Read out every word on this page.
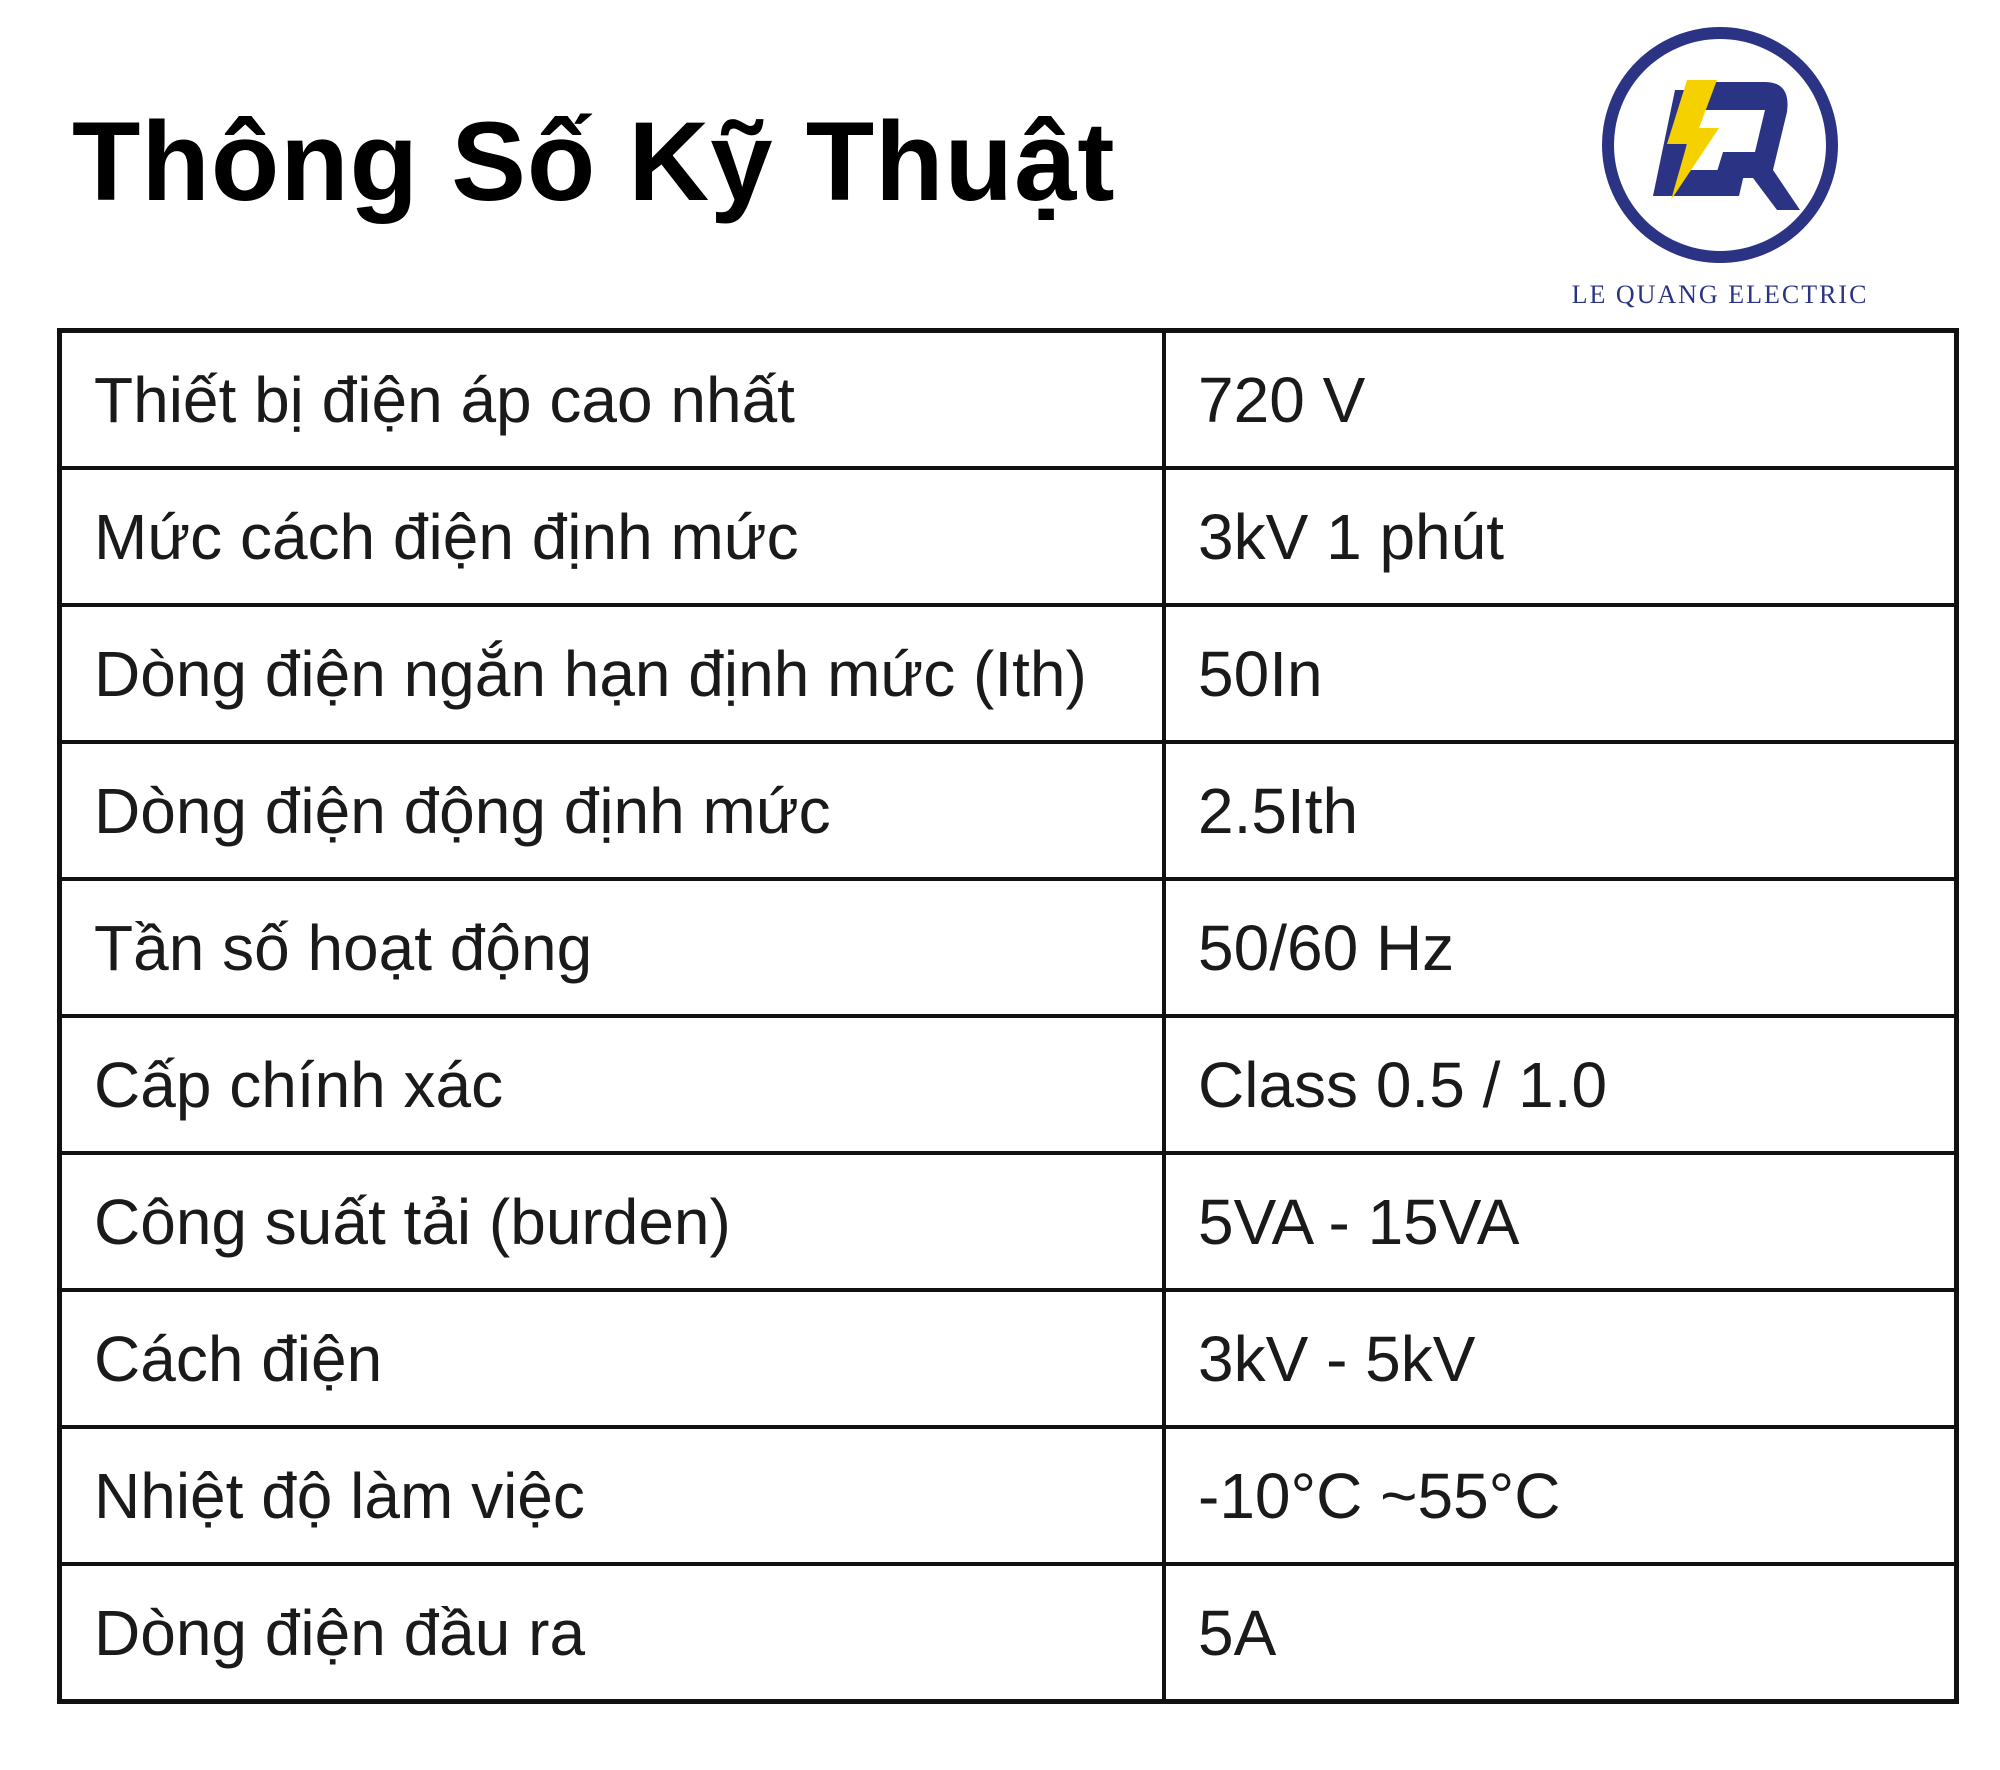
Thông Số Kỹ Thuật
LE QUANG ELECTRIC
Thiết bị điện áp cao nhất	720 V
Mức cách điện định mức	3kV 1 phút
Dòng điện ngắn hạn định mức (Ith)	50In
Dòng điện động định mức	2.5Ith
Tần số hoạt động	50/60 Hz
Cấp chính xác	Class 0.5 / 1.0
Công suất tải (burden)	5VA - 15VA
Cách điện	3kV - 5kV
Nhiệt độ làm việc	-10°C ~55°C
Dòng điện đầu ra	5A
